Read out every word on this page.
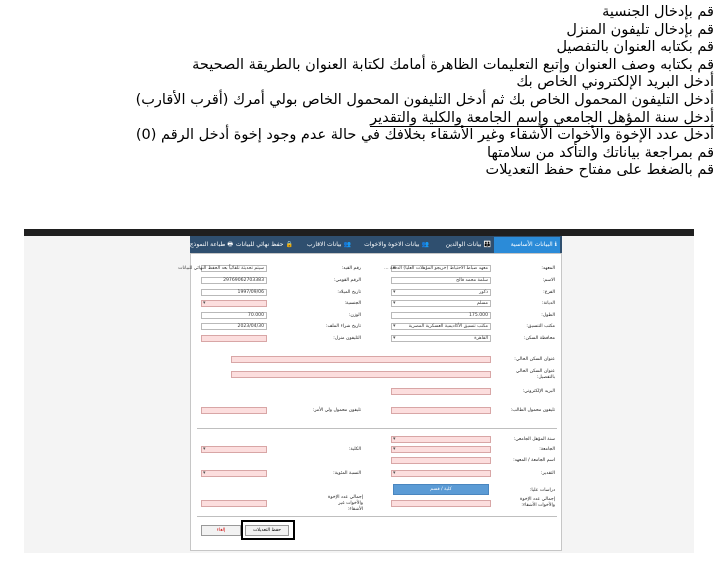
قم بإدخال الجنسية
قم بإدخال تليفون المنزل
قم بكتابه العنوان بالتفصيل
قم بكتابه وصف العنوان وإتبع التعليمات الظاهرة أمامك لكتابة العنوان بالطريقة الصحيحة
أدخل البريد الإلكتروني الخاص بك
أدخل التليفون المحمول الخاص بك ثم أدخل التليفون المحمول الخاص بولي أمرك (أقرب الأقارب)
أدخل سنة المؤهل الجامعي وإسم الجامعة والكلية والتقدير
أدخل عدد الإخوة والأخوات الأشقاء وغير الأشقاء بخلافك في حالة عدم وجود إخوة أدخل الرقم (0)
قم بمراجعة بياناتك والتأكد من سلامتها
قم بالضغط على مفتاح حفظ التعديلات
ℹالبيانات الأساسية
👪بيانات الوالدين
👥بيانات الاخوة والاخوات
👥بيانات الاقارب
🔒حفظ نهائي للبيانات
🖶طباعة النموذج
المعهد:
الاسم:
الفرع:
الديانة:
الطول:
مكتب التنسيق:
محافظة السكن:
▾ معهد ضباط الاحتياط (خريجو المؤهلات العليا) الدفعة ...
سلمة محمد فالح
▾ ذكور
▾ مسلم
175.000
▾ مكتب تنسيق الأكاديمية العسكرية المصرية
▾ القاهرة
رقم القيد:
الرقم القومي:
تاريخ الميلاد:
الجنسية:
الوزن:
تاريخ شراء الملف:
التليفون منزل:
سيتم تحديثة تلقائياً بعد الحفظ النهائي للبيانات
29769062703383
1997/09/06
▾
70.000
2023/04/30
عنوان السكن الحالي:
عنوان السكن الحالي بالتفصيل:
البريد الإلكتروني:
تليفون محمول الطالب:
تليفون محمول ولي الأمر:
سنة المؤهل الجامعي:
▾
الجامعة:
▾
الكلية:
▾
اسم الجامعة / المعهد:
التقدير:
▾
النسبة المئوية:
▾
دراسات عليا:
كلية / قسم
إجمالي عدد الإخوة والأخوات الأشقاء:
إجمالي عدد الإخوة والأخوات غير الأشقاء:
إلغاء	حفظ التعديلات
